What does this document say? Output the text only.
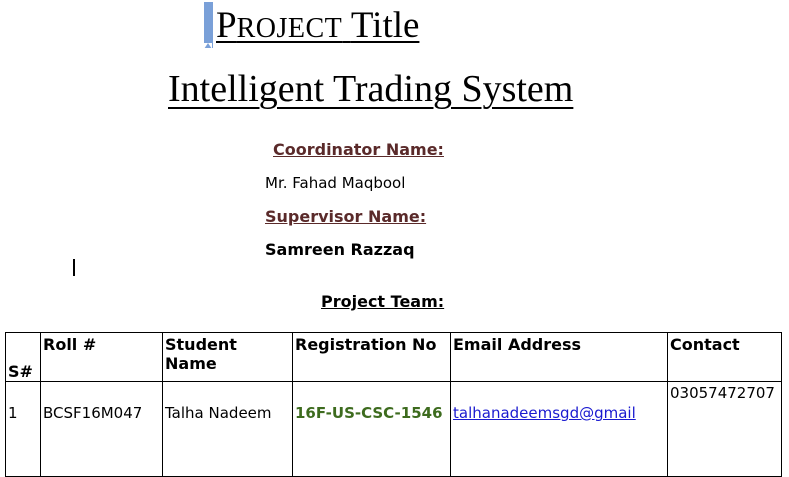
PROJECT Title
Intelligent Trading System
Coordinator Name:
Mr. Fahad Maqbool
Supervisor Name:
Samreen Razzaq
Project Team:
S#	Roll #	Student Name	Registration No	Email Address	Contact
1	BCSF16M047	Talha Nadeem	16F-US-CSC-1546	talhanadeemsgd@gmail	03057472707
